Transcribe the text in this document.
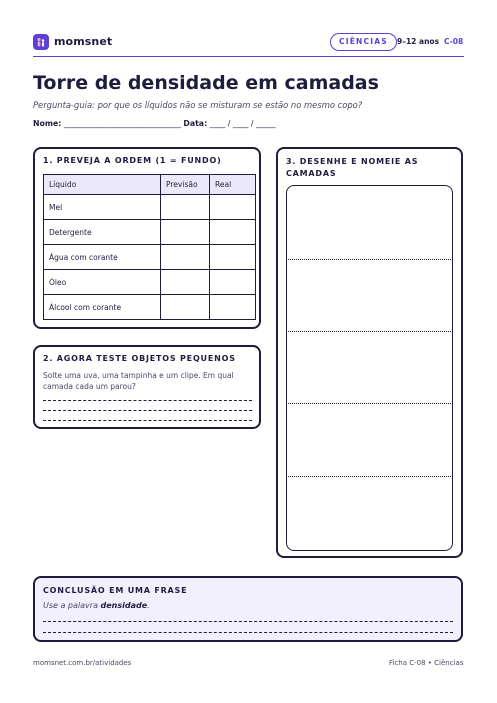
momsnet	CIÊNCIAS	9–12 anos C-08
Torre de densidade em camadas
Pergunta-guia: por que os líquidos não se misturam se estão no mesmo copo?
Nome: ______________________________ Data: ____ / ____ / _____
1. PREVEJA A ORDEM (1 = FUNDO)
Líquido	Previsão	Real
Mel		
Detergente		
Água com corante		
Óleo		
Álcool com corante		
2. AGORA TESTE OBJETOS PEQUENOS
Solte uma uva, uma tampinha e um clipe. Em qual camada cada um parou?
3. DESENHE E NOMEIE AS CAMADAS
CONCLUSÃO EM UMA FRASE
Use a palavra densidade.
momsnet.com.br/atividades	Ficha C-08 • Ciências
